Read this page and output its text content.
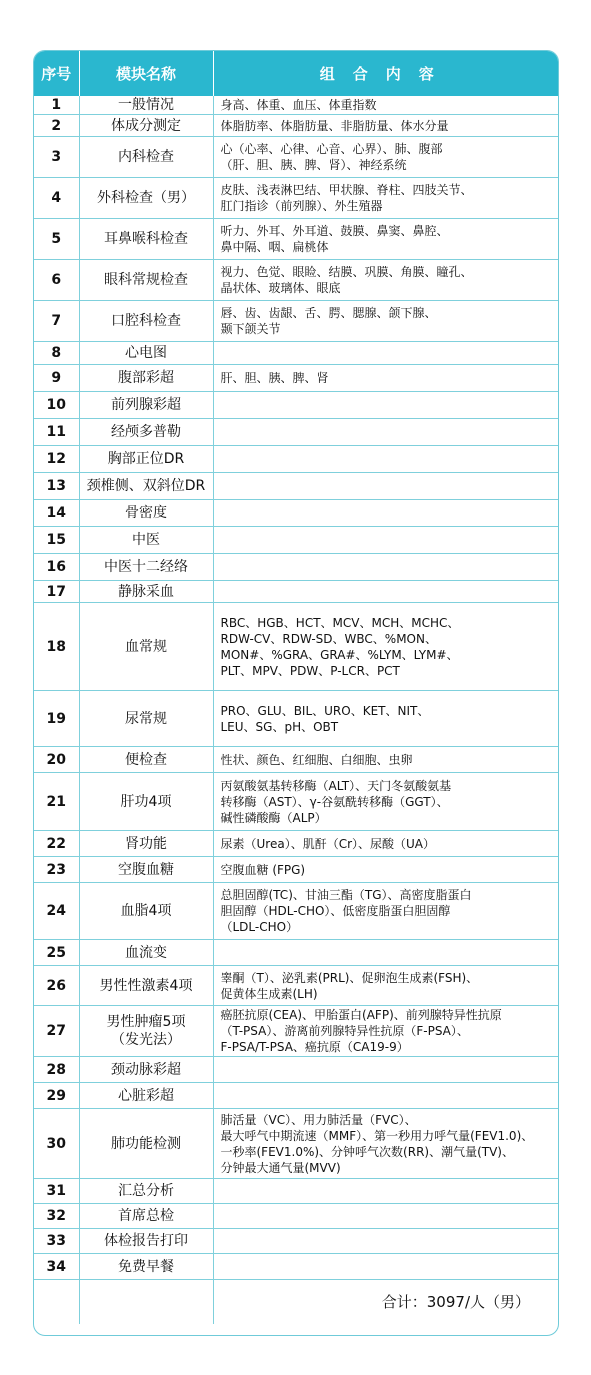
序号	模块名称	组合内容
1	一般情况	身高、体重、血压、体重指数
2	体成分测定	体脂肪率、体脂肪量、非脂肪量、体水分量
3	内科检查	心（心率、心律、心音、心界）、肺、腹部
（肝、胆、胰、脾、肾）、神经系统
4	外科检查（男）	皮肤、浅表淋巴结、甲状腺、脊柱、四肢关节、
肛门指诊（前列腺）、外生殖器
5	耳鼻喉科检查	听力、外耳、外耳道、鼓膜、鼻窦、鼻腔、
鼻中隔、咽、扁桃体
6	眼科常规检查	视力、色觉、眼睑、结膜、巩膜、角膜、瞳孔、
晶状体、玻璃体、眼底
7	口腔科检查	唇、齿、齿龈、舌、腭、腮腺、颌下腺、
颞下颌关节
8	心电图	
9	腹部彩超	肝、胆、胰、脾、肾
10	前列腺彩超	
11	经颅多普勒	
12	胸部正位DR	
13	颈椎侧、双斜位DR	
14	骨密度	
15	中医	
16	中医十二经络	
17	静脉采血	
18	血常规	RBC、HGB、HCT、MCV、MCH、MCHC、
RDW-CV、RDW-SD、WBC、%MON、
MON#、%GRA、GRA#、%LYM、LYM#、
PLT、MPV、PDW、P-LCR、PCT
19	尿常规	PRO、GLU、BIL、URO、KET、NIT、
LEU、SG、pH、OBT
20	便检查	性状、颜色、红细胞、白细胞、虫卵
21	肝功4项	丙氨酸氨基转移酶（ALT）、天门冬氨酸氨基
转移酶（AST）、γ-谷氨酰转移酶（GGT）、
碱性磷酸酶（ALP）
22	肾功能	尿素（Urea）、肌酐（Cr）、尿酸（UA）
23	空腹血糖	空腹血糖 (FPG)
24	血脂4项	总胆固醇(TC)、甘油三酯（TG）、高密度脂蛋白
胆固醇（HDL-CHO）、低密度脂蛋白胆固醇
（LDL-CHO）
25	血流变	
26	男性性激素4项	睾酮（T）、泌乳素(PRL)、促卵泡生成素(FSH)、
促黄体生成素(LH)
27	男性肿瘤5项
（发光法）	癌胚抗原(CEA)、甲胎蛋白(AFP)、前列腺特异性抗原
（T-PSA）、游离前列腺特异性抗原（F-PSA）、
F-PSA/T-PSA、癌抗原（CA19-9）
28	颈动脉彩超	
29	心脏彩超	
30	肺功能检测	肺活量（VC）、用力肺活量（FVC）、
最大呼气中期流速（MMF）、第一秒用力呼气量(FEV1.0)、
一秒率(FEV1.0%)、分钟呼气次数(RR)、潮气量(TV)、
分钟最大通气量(MVV)
31	汇总分析	
32	首席总检	
33	体检报告打印	
34	免费早餐	
		合计：3097/人（男）
